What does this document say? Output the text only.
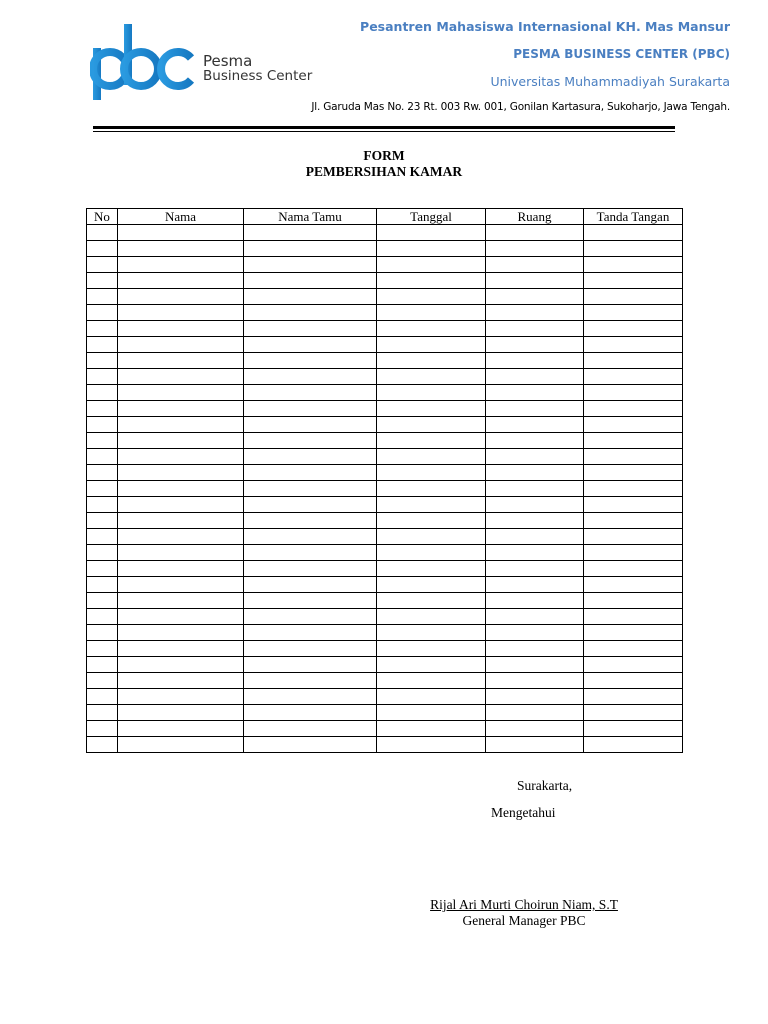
Pesma
Business Center
Pesantren Mahasiswa Internasional KH. Mas Mansur
PESMA BUSINESS CENTER (PBC)
Universitas Muhammadiyah Surakarta
Jl. Garuda Mas No. 23 Rt. 003 Rw. 001, Gonilan Kartasura, Sukoharjo, Jawa Tengah.
FORM
PEMBERSIHAN KAMAR
No	Nama	Nama Tamu	Tanggal	Ruang	Tanda Tangan

Surakarta,
Mengetahui
Rijal Ari Murti Choirun Niam, S.T
General Manager PBC
